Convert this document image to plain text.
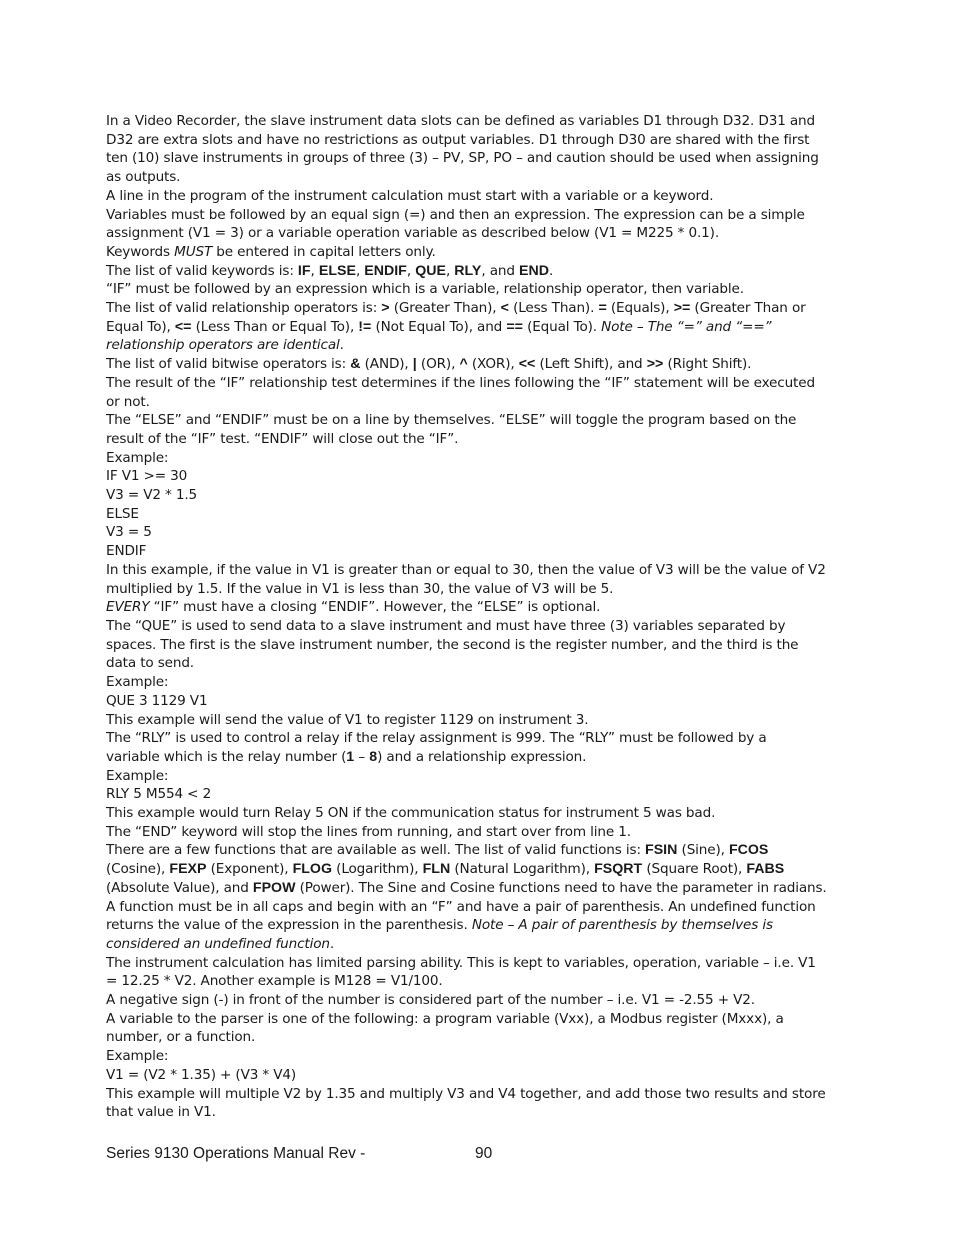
In a Video Recorder, the slave instrument data slots can be defined as variables D1 through D32. D31 and
D32 are extra slots and have no restrictions as output variables. D1 through D30 are shared with the first
ten (10) slave instruments in groups of three (3) – PV, SP, PO – and caution should be used when assigning
as outputs.
A line in the program of the instrument calculation must start with a variable or a keyword.
Variables must be followed by an equal sign (=) and then an expression. The expression can be a simple
assignment (V1 = 3) or a variable operation variable as described below (V1 = M225 * 0.1).
Keywords MUST be entered in capital letters only.
The list of valid keywords is: IF, ELSE, ENDIF, QUE, RLY, and END.
“IF” must be followed by an expression which is a variable, relationship operator, then variable.
The list of valid relationship operators is: > (Greater Than), < (Less Than). = (Equals), >= (Greater Than or
Equal To), <= (Less Than or Equal To), != (Not Equal To), and == (Equal To). Note – The “=” and “==”
relationship operators are identical.
The list of valid bitwise operators is: & (AND), | (OR), ^ (XOR), << (Left Shift), and >> (Right Shift).
The result of the “IF” relationship test determines if the lines following the “IF” statement will be executed
or not.
The “ELSE” and “ENDIF” must be on a line by themselves. “ELSE” will toggle the program based on the
result of the “IF” test. “ENDIF” will close out the “IF”.
Example:
IF V1 >= 30
V3 = V2 * 1.5
ELSE
V3 = 5
ENDIF
In this example, if the value in V1 is greater than or equal to 30, then the value of V3 will be the value of V2
multiplied by 1.5. If the value in V1 is less than 30, the value of V3 will be 5.
EVERY “IF” must have a closing “ENDIF”. However, the “ELSE” is optional.
The “QUE” is used to send data to a slave instrument and must have three (3) variables separated by
spaces. The first is the slave instrument number, the second is the register number, and the third is the
data to send.
Example:
QUE 3 1129 V1
This example will send the value of V1 to register 1129 on instrument 3.
The “RLY” is used to control a relay if the relay assignment is 999. The “RLY” must be followed by a
variable which is the relay number (1 – 8) and a relationship expression.
Example:
RLY 5 M554 < 2
This example would turn Relay 5 ON if the communication status for instrument 5 was bad.
The “END” keyword will stop the lines from running, and start over from line 1.
There are a few functions that are available as well. The list of valid functions is: FSIN (Sine), FCOS
(Cosine), FEXP (Exponent), FLOG (Logarithm), FLN (Natural Logarithm), FSQRT (Square Root), FABS
(Absolute Value), and FPOW (Power). The Sine and Cosine functions need to have the parameter in radians.
A function must be in all caps and begin with an “F” and have a pair of parenthesis. An undefined function
returns the value of the expression in the parenthesis. Note – A pair of parenthesis by themselves is
considered an undefined function.
The instrument calculation has limited parsing ability. This is kept to variables, operation, variable – i.e. V1
= 12.25 * V2. Another example is M128 = V1/100.
A negative sign (-) in front of the number is considered part of the number – i.e. V1 = -2.55 + V2.
A variable to the parser is one of the following: a program variable (Vxx), a Modbus register (Mxxx), a
number, or a function.
Example:
V1 = (V2 * 1.35) + (V3 * V4)
This example will multiple V2 by 1.35 and multiply V3 and V4 together, and add those two results and store
that value in V1.
Series 9130 Operations Manual Rev -	90
